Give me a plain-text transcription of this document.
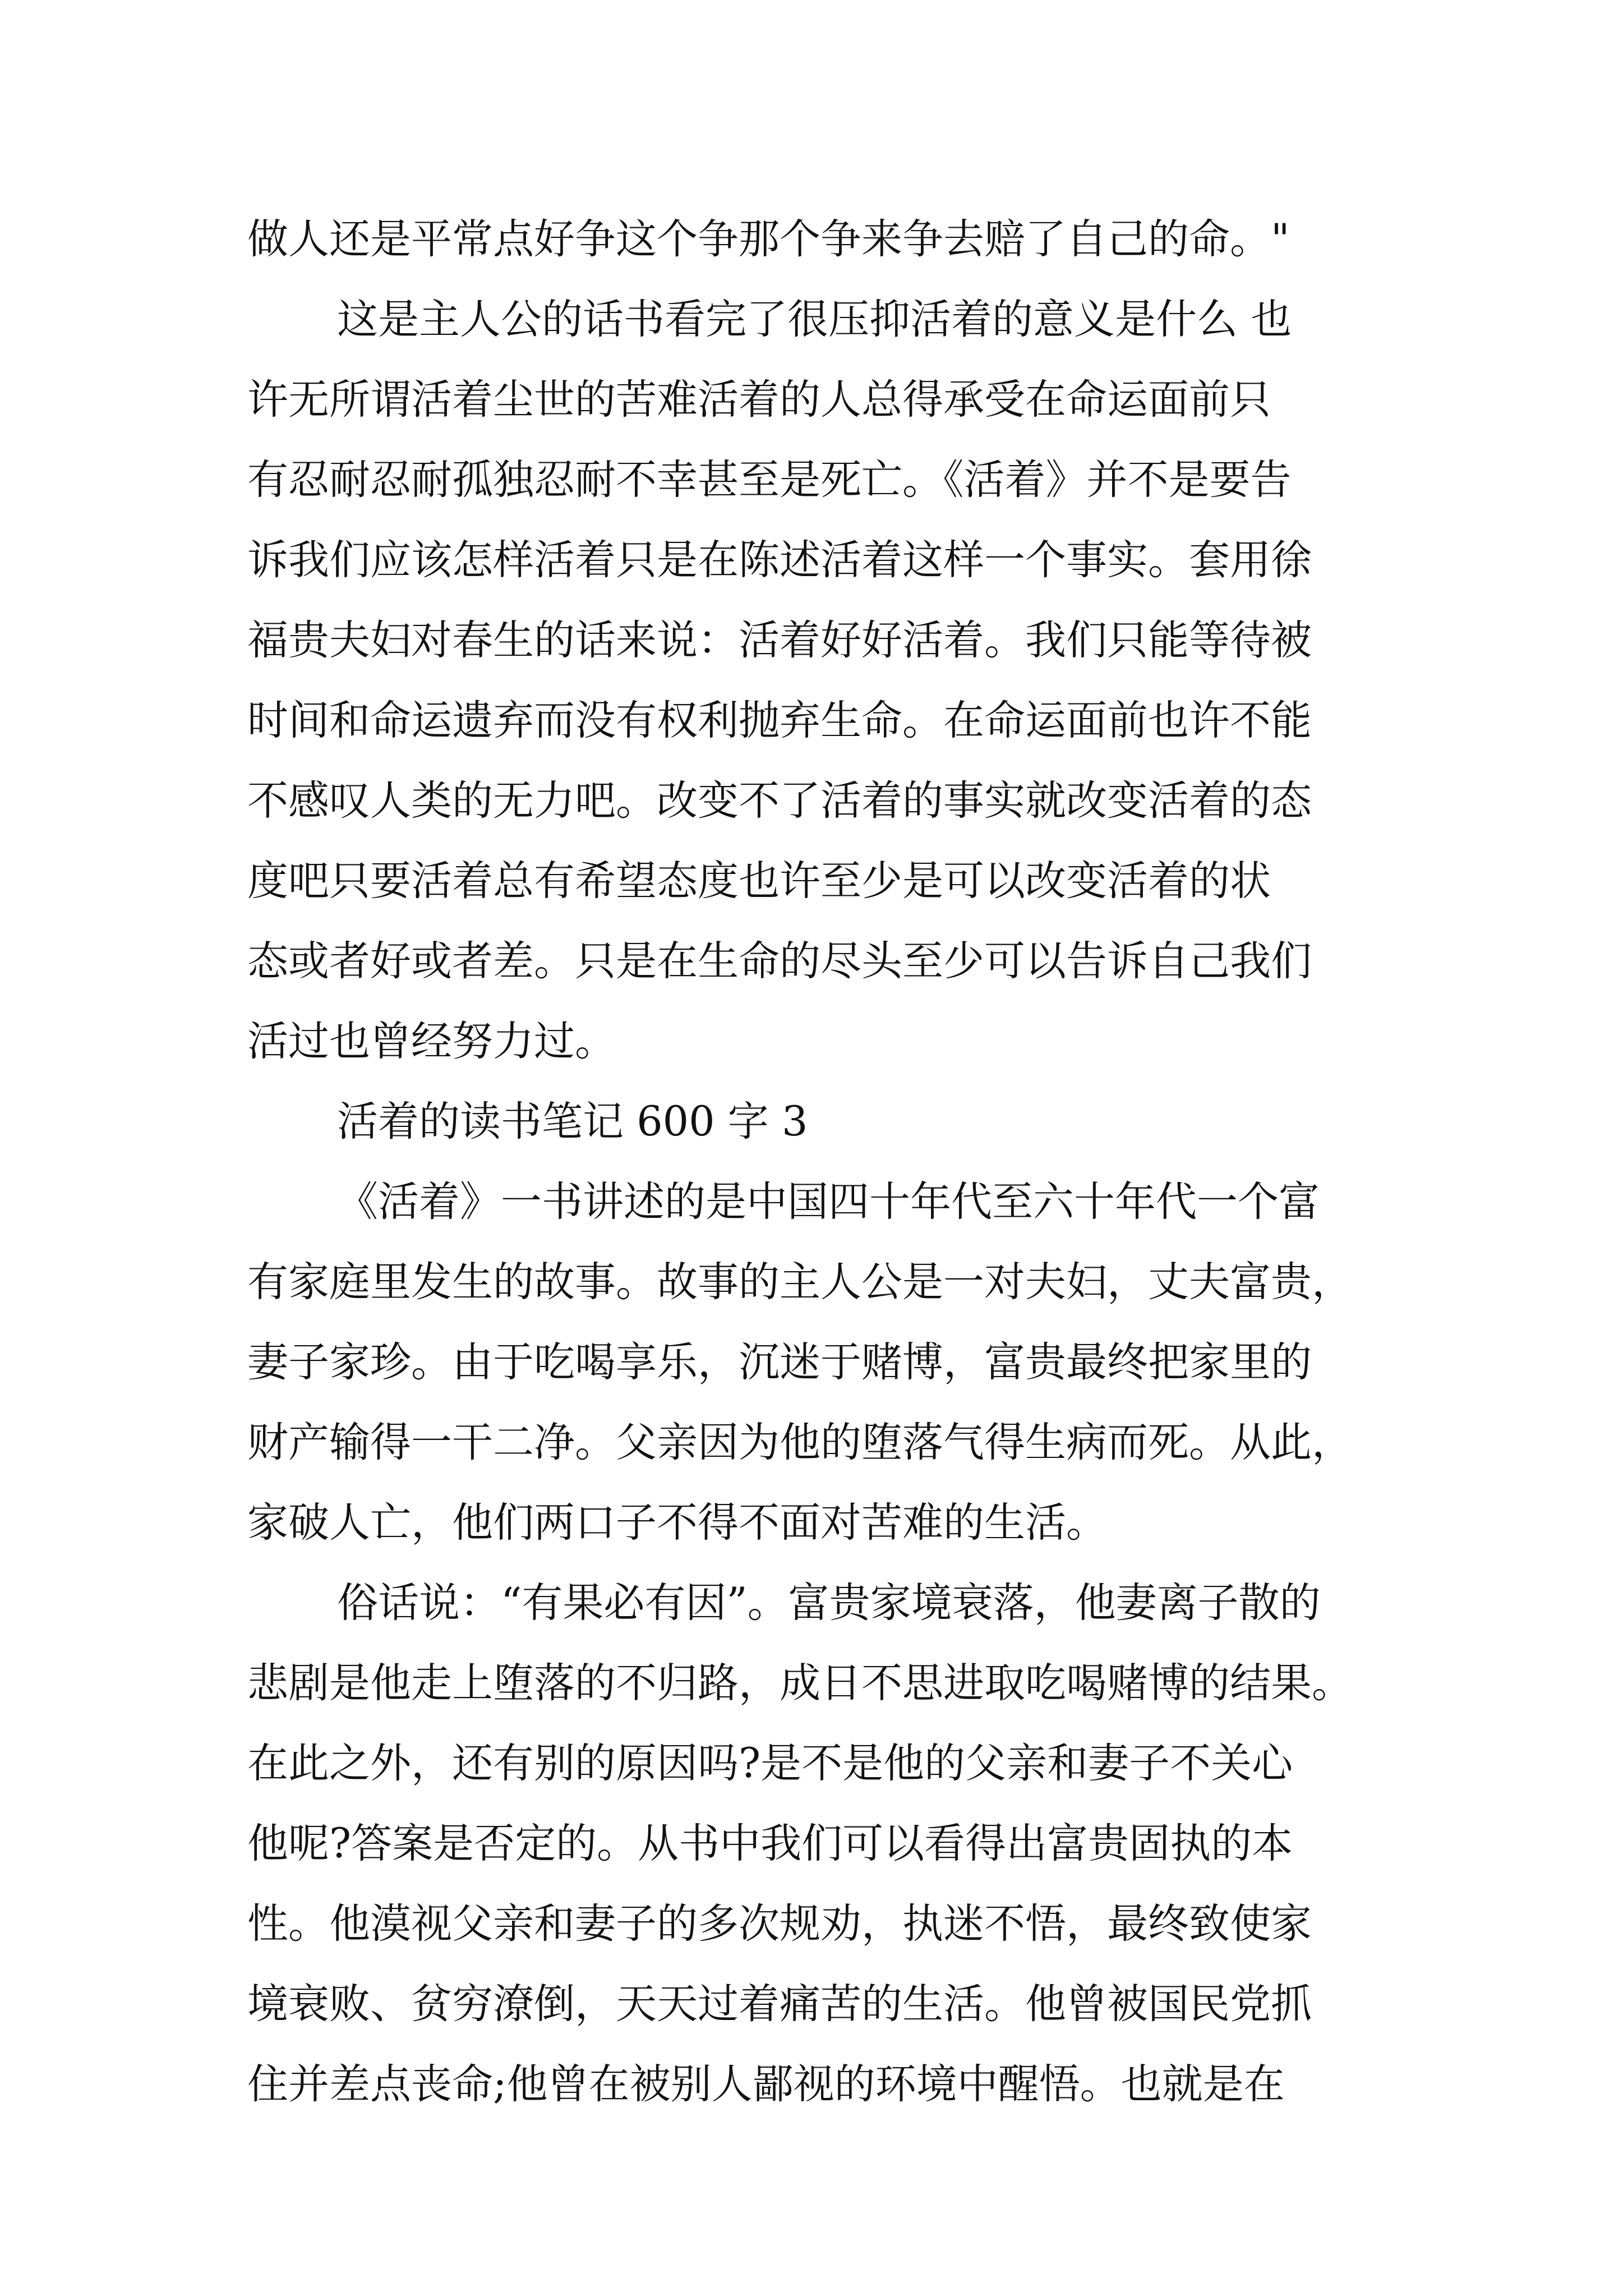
做人还是平常点好争这个争那个争来争去赔了自己的命。"
这是主人公的话书看完了很压抑活着的意义是什么 也
许无所谓活着尘世的苦难活着的人总得承受在命运面前只
有忍耐忍耐孤独忍耐不幸甚至是死亡。《活着》并不是要告
诉我们应该怎样活着只是在陈述活着这样一个事实。套用徐
福贵夫妇对春生的话来说：活着好好活着。我们只能等待被
时间和命运遗弃而没有权利抛弃生命。在命运面前也许不能
不感叹人类的无力吧。改变不了活着的事实就改变活着的态
度吧只要活着总有希望态度也许至少是可以改变活着的状
态或者好或者差。只是在生命的尽头至少可以告诉自己我们
活过也曾经努力过。
活着的读书笔记 600 字 3
《活着》一书讲述的是中国四十年代至六十年代一个富
有家庭里发生的故事。故事的主人公是一对夫妇，丈夫富贵，
妻子家珍。由于吃喝享乐，沉迷于赌博，富贵最终把家里的
财产输得一干二净。父亲因为他的堕落气得生病而死。从此，
家破人亡，他们两口子不得不面对苦难的生活。
俗话说：“有果必有因”。富贵家境衰落，他妻离子散的
悲剧是他走上堕落的不归路，成日不思进取吃喝赌博的结果。
在此之外，还有别的原因吗?是不是他的父亲和妻子不关心
他呢?答案是否定的。从书中我们可以看得出富贵固执的本
性。他漠视父亲和妻子的多次规劝，执迷不悟，最终致使家
境衰败、贫穷潦倒，天天过着痛苦的生活。他曾被国民党抓
住并差点丧命;他曾在被别人鄙视的环境中醒悟。也就是在
